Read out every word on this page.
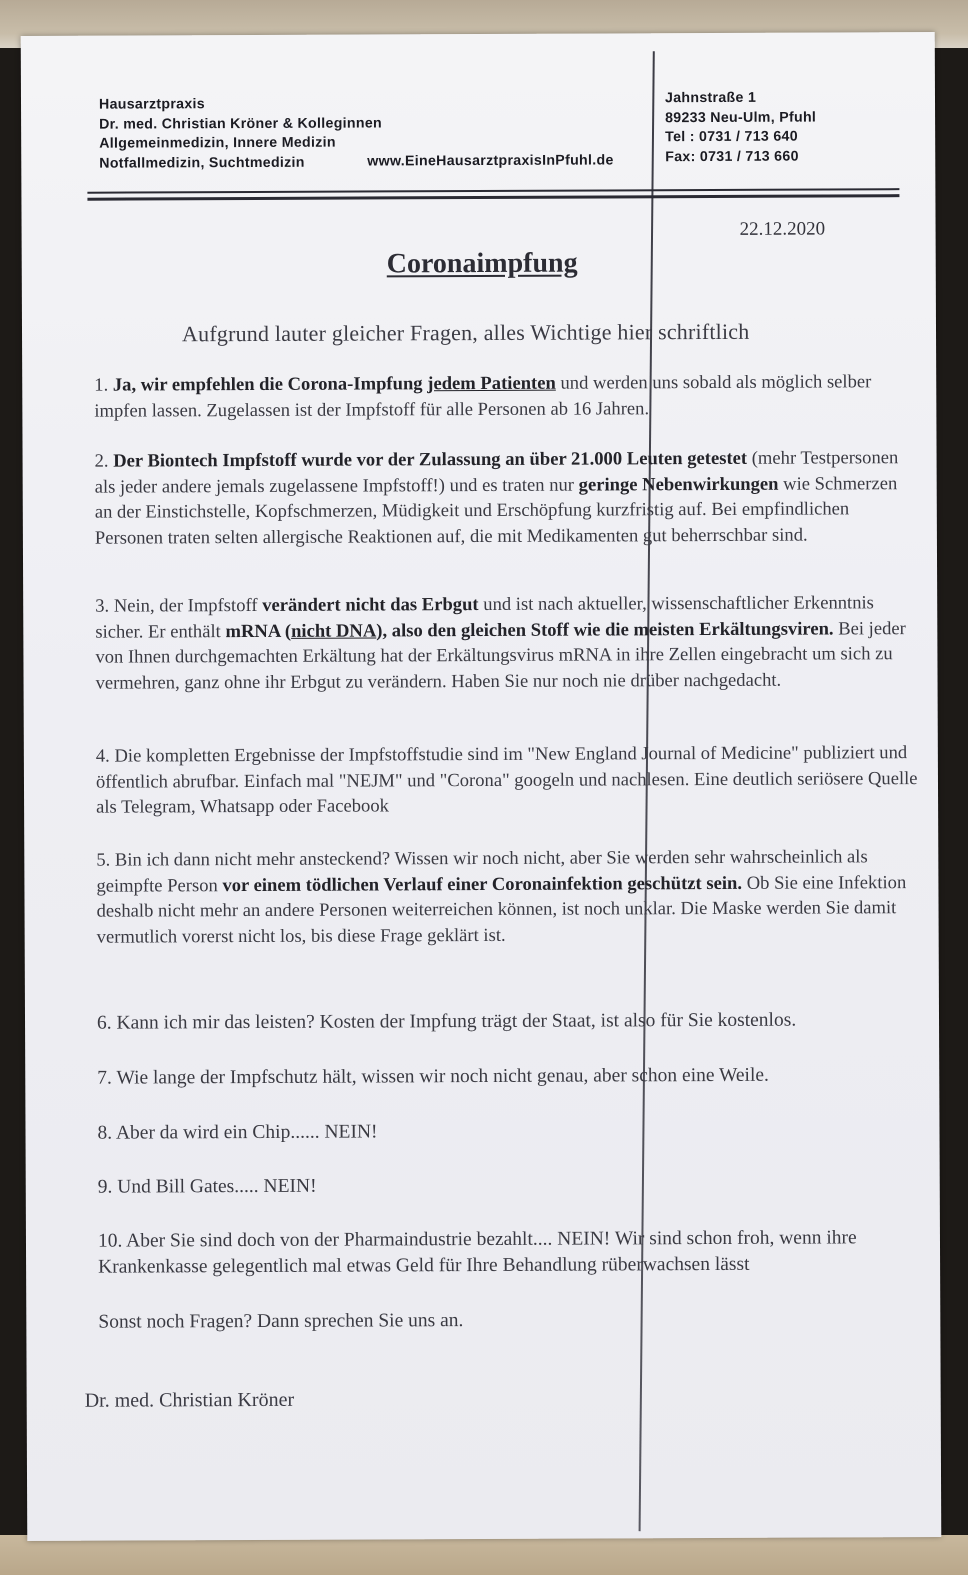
Hausarztpraxis
Dr. med. Christian Kröner & Kolleginnen
Allgemeinmedizin, Innere Medizin
Notfallmedizin, Suchtmedizin	www.EineHausarztpraxisInPfuhl.de
Jahnstraße 1
89233 Neu-Ulm, Pfuhl
Tel : 0731 / 713 640
Fax: 0731 / 713 660
22.12.2020
Coronaimpfung
Aufgrund lauter gleicher Fragen, alles Wichtige hier schriftlich
1. Ja, wir empfehlen die Corona-Impfung jedem Patienten und werden uns sobald als möglich selber impfen lassen. Zugelassen ist der Impfstoff für alle Personen ab 16 Jahren.
2. Der Biontech Impfstoff wurde vor der Zulassung an über 21.000 Leuten getestet (mehr Testpersonen als jeder andere jemals zugelassene Impfstoff!) und es traten nur geringe Nebenwirkungen wie Schmerzen an der Einstichstelle, Kopfschmerzen, Müdigkeit und Erschöpfung kurzfristig auf. Bei empfindlichen Personen traten selten allergische Reaktionen auf, die mit Medikamenten gut beherrschbar sind.
3. Nein, der Impfstoff verändert nicht das Erbgut und ist nach aktueller, wissenschaftlicher Erkenntnis sicher. Er enthält mRNA (nicht DNA), also den gleichen Stoff wie die meisten Erkältungsviren. Bei jeder von Ihnen durchgemachten Erkältung hat der Erkältungsvirus mRNA in ihre Zellen eingebracht um sich zu vermehren, ganz ohne ihr Erbgut zu verändern. Haben Sie nur noch nie drüber nachgedacht.
4. Die kompletten Ergebnisse der Impfstoffstudie sind im "New England Journal of Medicine" publiziert und öffentlich abrufbar. Einfach mal "NEJM" und "Corona" googeln und nachlesen. Eine deutlich seriösere Quelle als Telegram, Whatsapp oder Facebook
5. Bin ich dann nicht mehr ansteckend? Wissen wir noch nicht, aber Sie werden sehr wahrscheinlich als geimpfte Person vor einem tödlichen Verlauf einer Coronainfektion geschützt sein. Ob Sie eine Infektion deshalb nicht mehr an andere Personen weiterreichen können, ist noch unklar. Die Maske werden Sie damit vermutlich vorerst nicht los, bis diese Frage geklärt ist.
6. Kann ich mir das leisten? Kosten der Impfung trägt der Staat, ist also für Sie kostenlos.
7. Wie lange der Impfschutz hält, wissen wir noch nicht genau, aber schon eine Weile.
8. Aber da wird ein Chip...... NEIN!
9. Und Bill Gates..... NEIN!
10. Aber Sie sind doch von der Pharmaindustrie bezahlt.... NEIN! Wir sind schon froh, wenn ihre Krankenkasse gelegentlich mal etwas Geld für Ihre Behandlung rüberwachsen lässt
Sonst noch Fragen? Dann sprechen Sie uns an.
Dr. med. Christian Kröner
